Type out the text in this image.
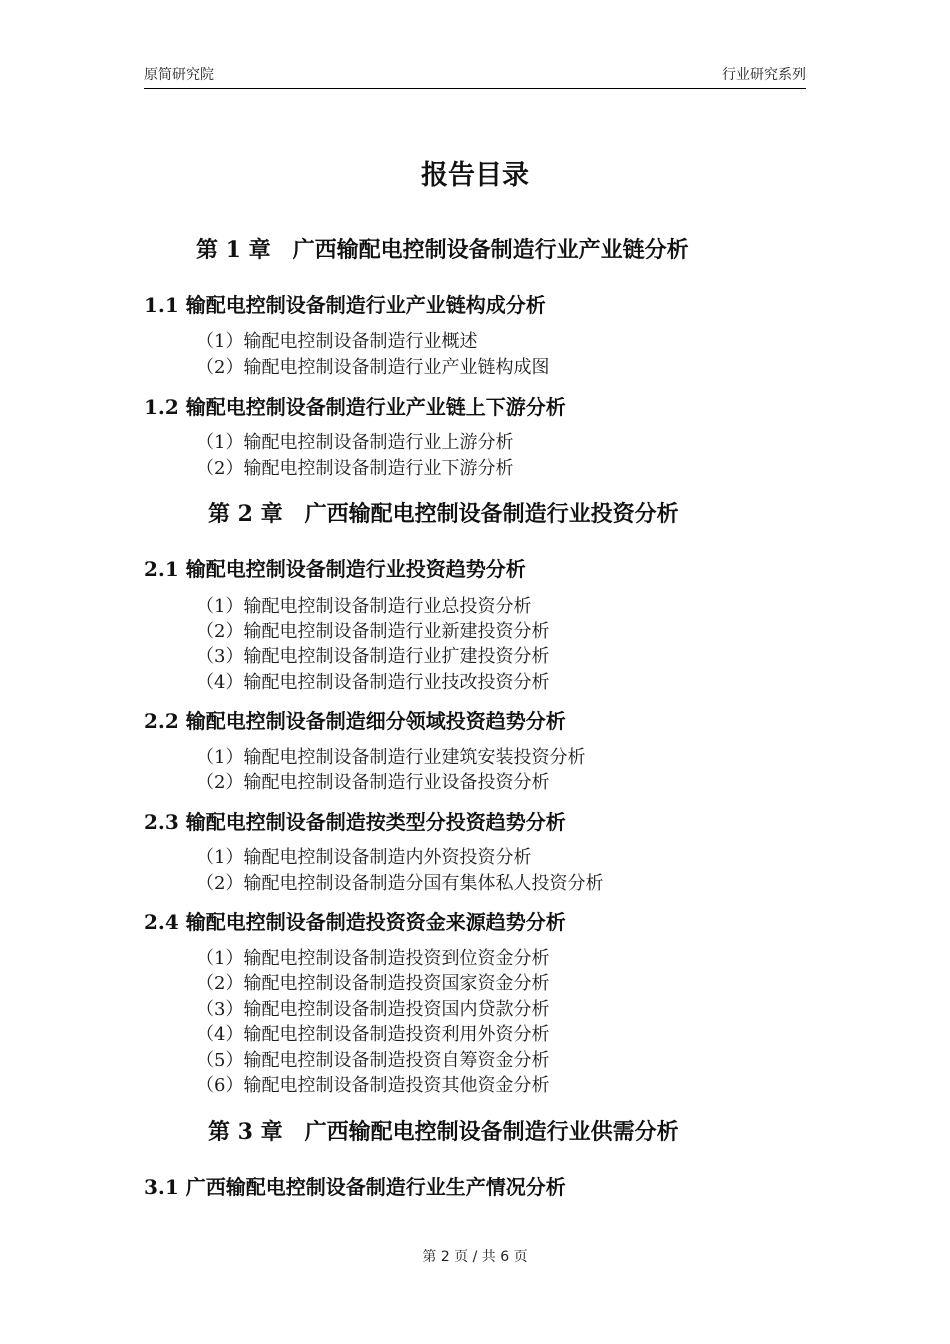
原简研究院	行业研究系列
报告目录
第 1 章　广西输配电控制设备制造行业产业链分析
1.1 输配电控制设备制造行业产业链构成分析
（1）输配电控制设备制造行业概述
（2）输配电控制设备制造行业产业链构成图
1.2 输配电控制设备制造行业产业链上下游分析
（1）输配电控制设备制造行业上游分析
（2）输配电控制设备制造行业下游分析
第 2 章　广西输配电控制设备制造行业投资分析
2.1 输配电控制设备制造行业投资趋势分析
（1）输配电控制设备制造行业总投资分析
（2）输配电控制设备制造行业新建投资分析
（3）输配电控制设备制造行业扩建投资分析
（4）输配电控制设备制造行业技改投资分析
2.2 输配电控制设备制造细分领域投资趋势分析
（1）输配电控制设备制造行业建筑安装投资分析
（2）输配电控制设备制造行业设备投资分析
2.3 输配电控制设备制造按类型分投资趋势分析
（1）输配电控制设备制造内外资投资分析
（2）输配电控制设备制造分国有集体私人投资分析
2.4 输配电控制设备制造投资资金来源趋势分析
（1）输配电控制设备制造投资到位资金分析
（2）输配电控制设备制造投资国家资金分析
（3）输配电控制设备制造投资国内贷款分析
（4）输配电控制设备制造投资利用外资分析
（5）输配电控制设备制造投资自筹资金分析
（6）输配电控制设备制造投资其他资金分析
第 3 章　广西输配电控制设备制造行业供需分析
3.1 广西输配电控制设备制造行业生产情况分析
第 2 页 / 共 6 页
